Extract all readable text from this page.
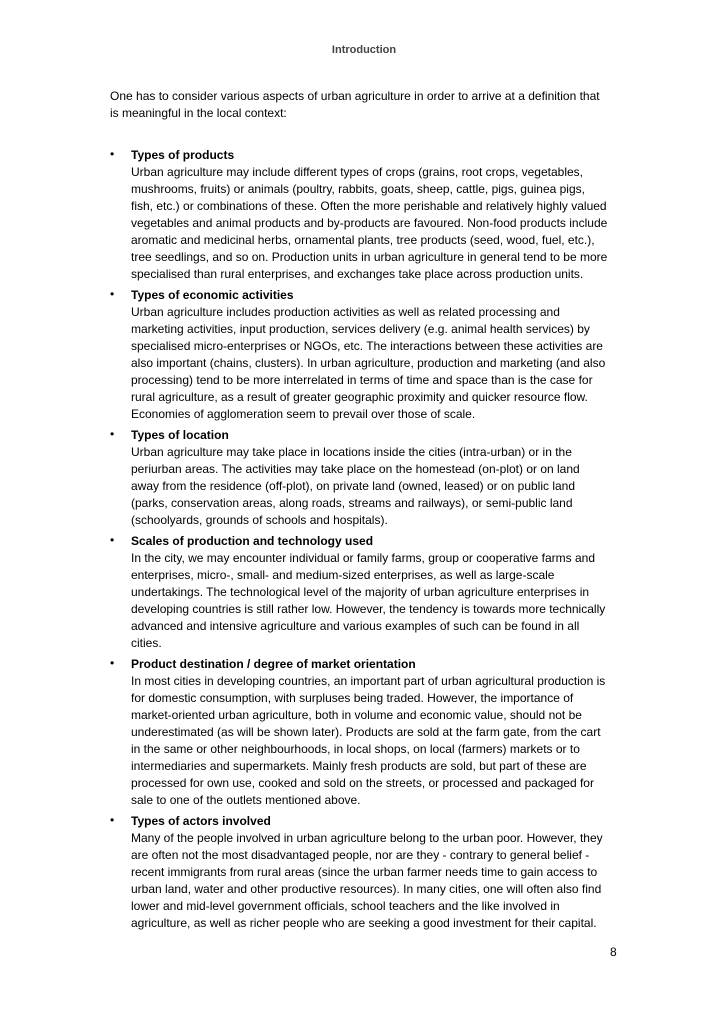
Introduction
One has to consider various aspects of urban agriculture in order to arrive at a definition that
is meaningful in the local context:
• Types of products
Urban agriculture may include different types of crops (grains, root crops, vegetables,
mushrooms, fruits) or animals (poultry, rabbits, goats, sheep, cattle, pigs, guinea pigs,
fish, etc.) or combinations of these. Often the more perishable and relatively highly valued
vegetables and animal products and by-products are favoured. Non-food products include
aromatic and medicinal herbs, ornamental plants, tree products (seed, wood, fuel, etc.),
tree seedlings, and so on. Production units in urban agriculture in general tend to be more
specialised than rural enterprises, and exchanges take place across production units.
• Types of economic activities
Urban agriculture includes production activities as well as related processing and
marketing activities, input production, services delivery (e.g. animal health services) by
specialised micro-enterprises or NGOs, etc. The interactions between these activities are
also important (chains, clusters). In urban agriculture, production and marketing (and also
processing) tend to be more interrelated in terms of time and space than is the case for
rural agriculture, as a result of greater geographic proximity and quicker resource flow.
Economies of agglomeration seem to prevail over those of scale.
• Types of location
Urban agriculture may take place in locations inside the cities (intra-urban) or in the
periurban areas. The activities may take place on the homestead (on-plot) or on land
away from the residence (off-plot), on private land (owned, leased) or on public land
(parks, conservation areas, along roads, streams and railways), or semi-public land
(schoolyards, grounds of schools and hospitals).
• Scales of production and technology used
In the city, we may encounter individual or family farms, group or cooperative farms and
enterprises, micro-, small- and medium-sized enterprises, as well as large-scale
undertakings. The technological level of the majority of urban agriculture enterprises in
developing countries is still rather low. However, the tendency is towards more technically
advanced and intensive agriculture and various examples of such can be found in all
cities.
• Product destination / degree of market orientation
In most cities in developing countries, an important part of urban agricultural production is
for domestic consumption, with surpluses being traded. However, the importance of
market-oriented urban agriculture, both in volume and economic value, should not be
underestimated (as will be shown later). Products are sold at the farm gate, from the cart
in the same or other neighbourhoods, in local shops, on local (farmers) markets or to
intermediaries and supermarkets. Mainly fresh products are sold, but part of these are
processed for own use, cooked and sold on the streets, or processed and packaged for
sale to one of the outlets mentioned above.
• Types of actors involved
Many of the people involved in urban agriculture belong to the urban poor. However, they
are often not the most disadvantaged people, nor are they - contrary to general belief -
recent immigrants from rural areas (since the urban farmer needs time to gain access to
urban land, water and other productive resources). In many cities, one will often also find
lower and mid-level government officials, school teachers and the like involved in
agriculture, as well as richer people who are seeking a good investment for their capital.
8
